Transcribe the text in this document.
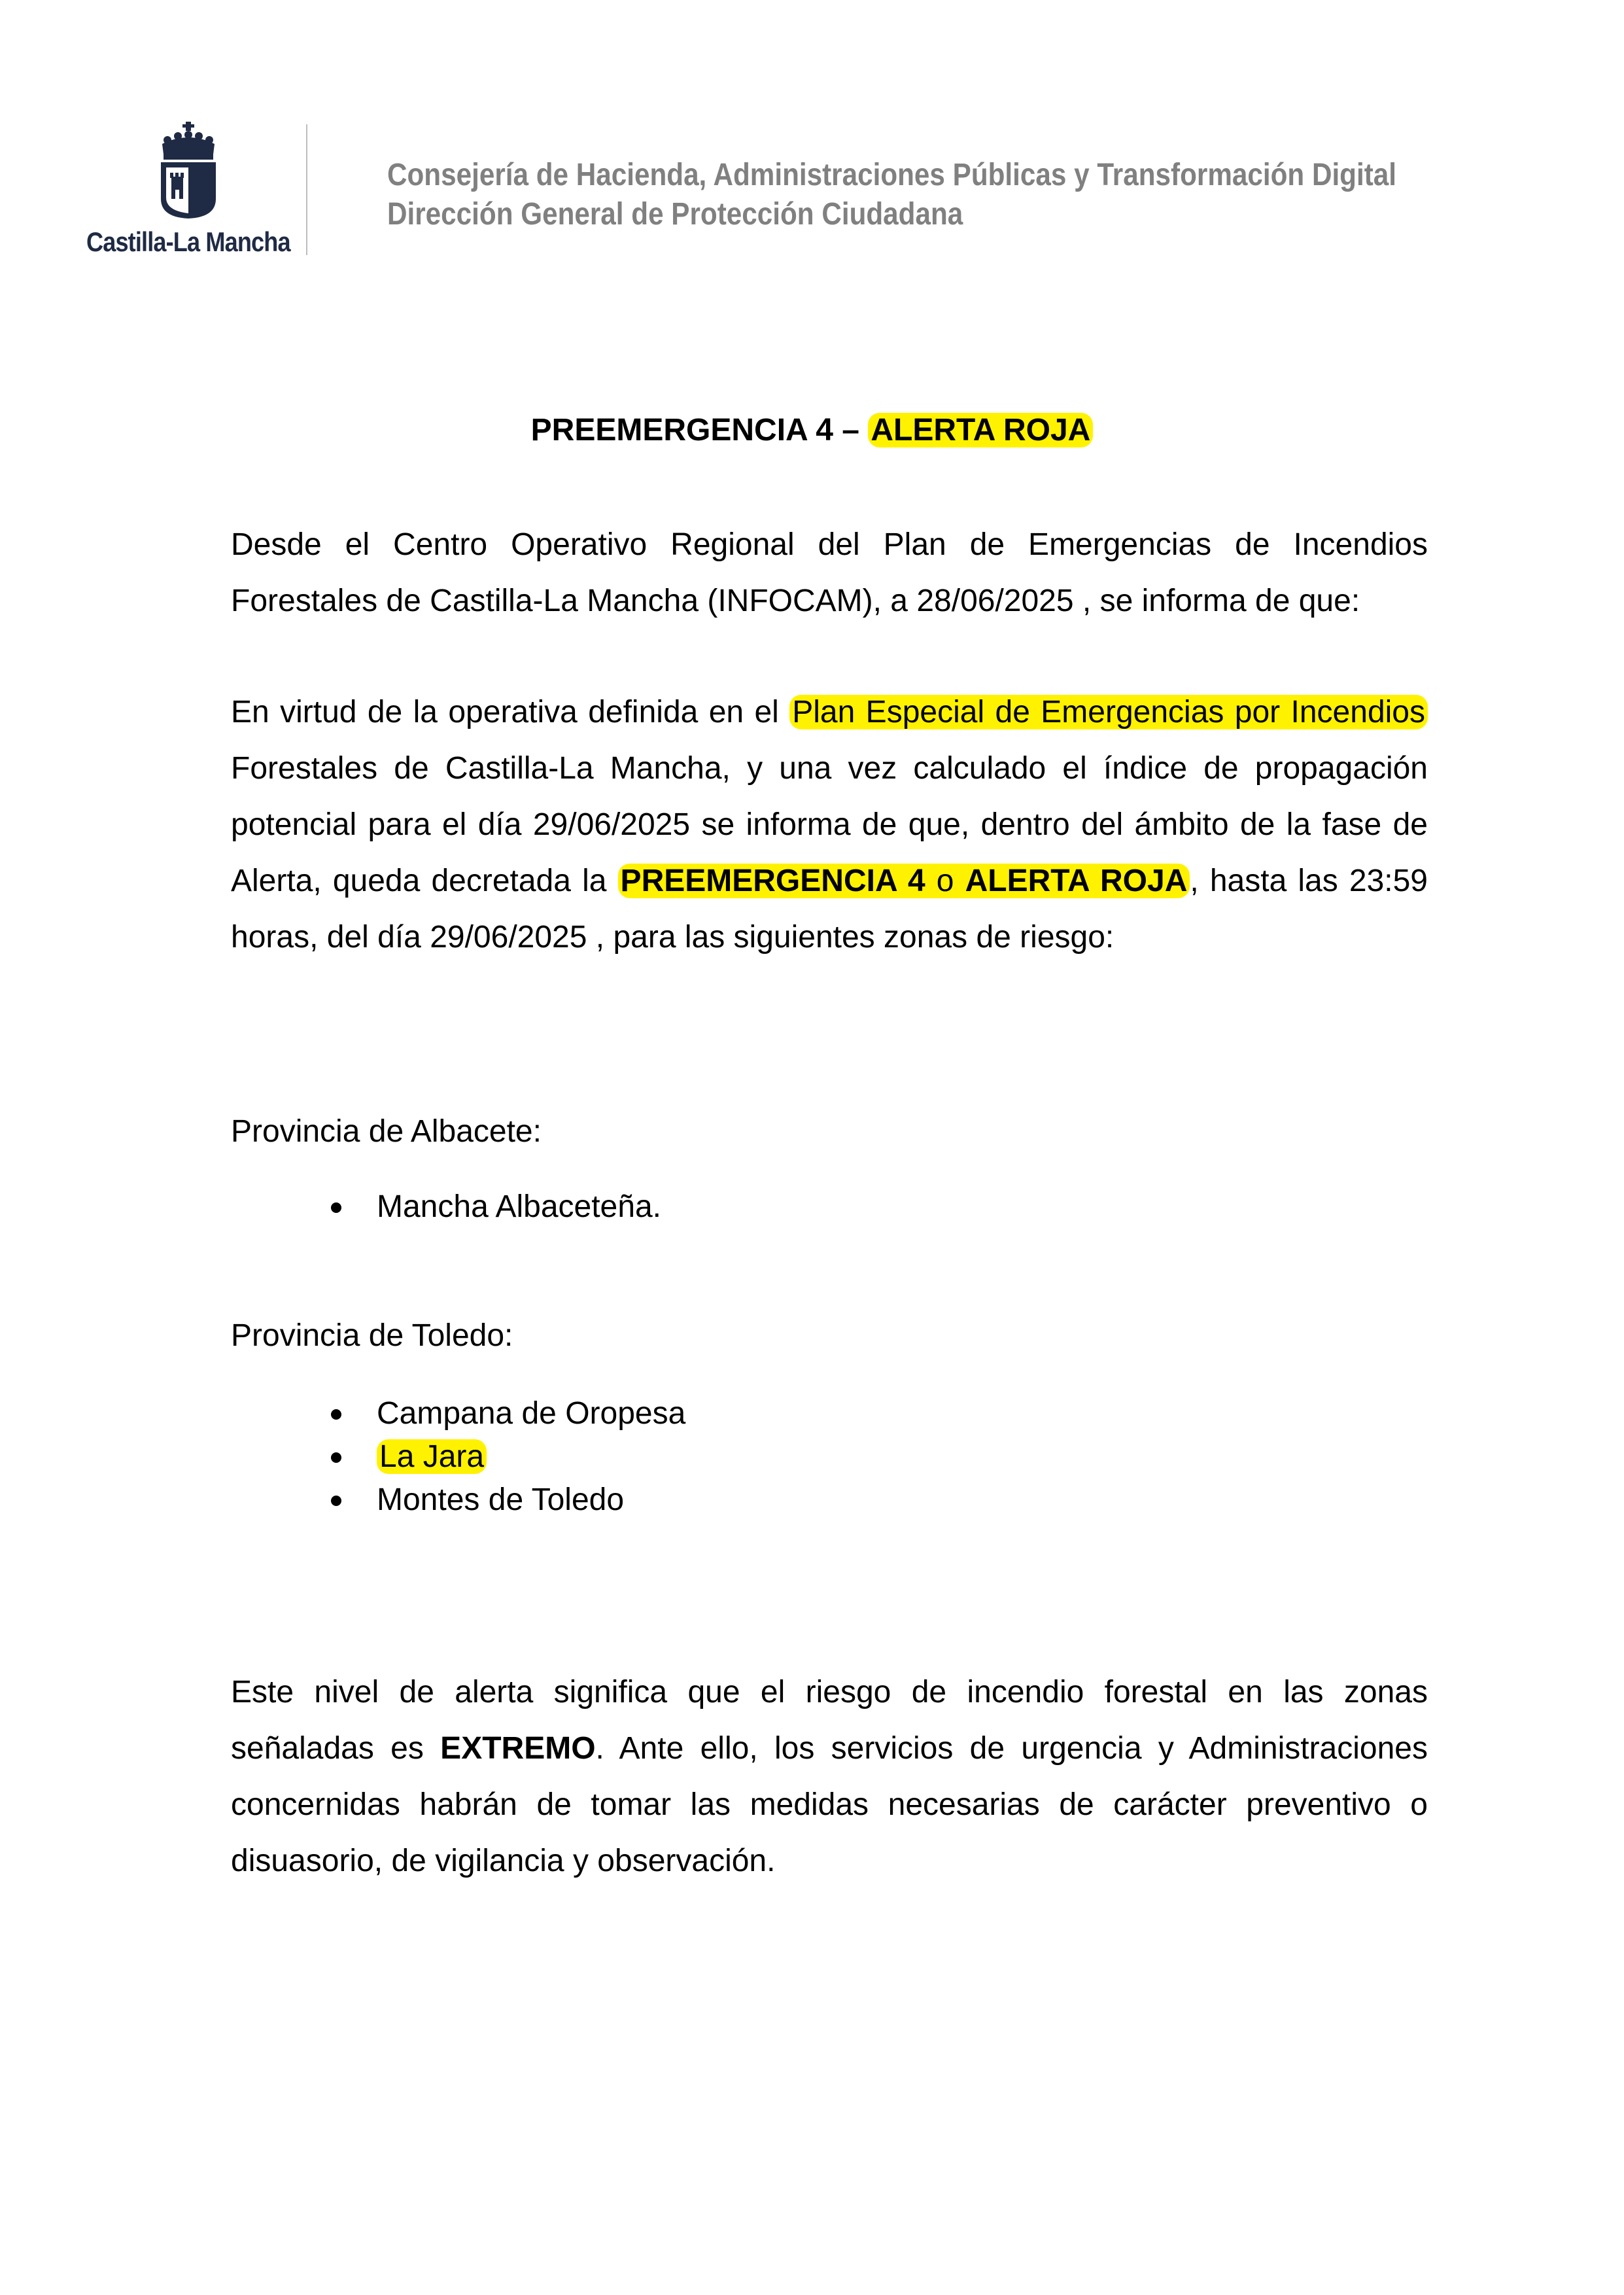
Castilla-La Mancha
Consejería de Hacienda, Administraciones Públicas y Transformación Digital
Dirección General de Protección Ciudadana
PREEMERGENCIA 4 – ALERTA ROJA
Desde el Centro Operativo Regional del Plan de Emergencias de Incendios
Forestales de Castilla-La Mancha (INFOCAM), a 28/06/2025 , se informa de que:
En virtud de la operativa definida en el Plan Especial de Emergencias por Incendios
Forestales de Castilla-La Mancha, y una vez calculado el índice de propagación
potencial para el día 29/06/2025 se informa de que, dentro del ámbito de la fase de
Alerta, queda decretada la PREEMERGENCIA 4 o ALERTA ROJA, hasta las 23:59
horas, del día 29/06/2025 , para las siguientes zonas de riesgo:
Provincia de Albacete:
Mancha Albaceteña.
Provincia de Toledo:
Campana de Oropesa
La Jara
Montes de Toledo
Este nivel de alerta significa que el riesgo de incendio forestal en las zonas
señaladas es EXTREMO. Ante ello, los servicios de urgencia y Administraciones
concernidas habrán de tomar las medidas necesarias de carácter preventivo o
disuasorio, de vigilancia y observación.
